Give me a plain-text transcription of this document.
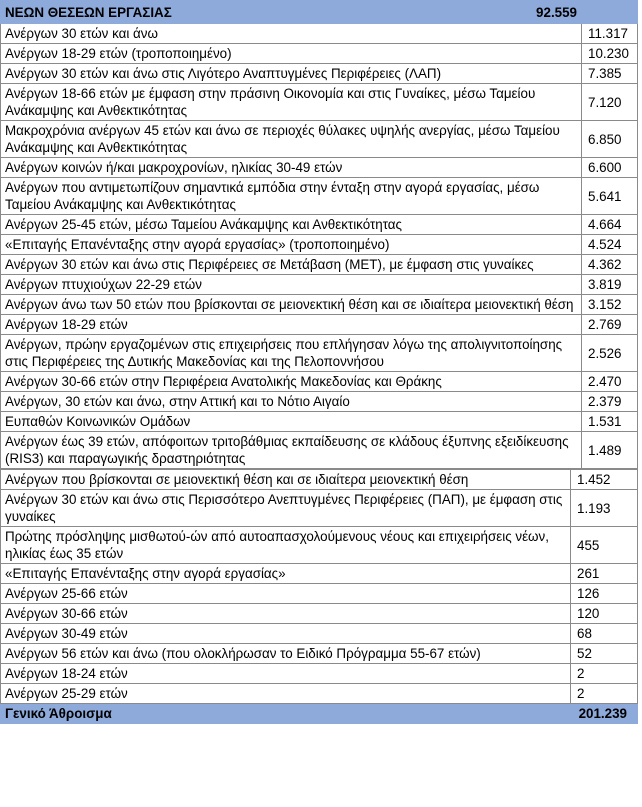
ΝΕΩΝ ΘΕΣΕΩΝ ΕΡΓΑΣΙΑΣ 92.559	

Ανέργων 30 ετών και άνω	11.317
Ανέργων 18-29 ετών (τροποποιημένο)	10.230
Ανέργων 30 ετών και άνω στις Λιγότερο Αναπτυγμένες Περιφέρειες (ΛΑΠ)	7.385
Ανέργων 18-66 ετών με έμφαση στην πράσινη Οικονομία και στις Γυναίκες, μέσω Ταμείου Ανάκαμψης και Ανθεκτικότητας	7.120
Μακροχρόνια ανέργων 45 ετών και άνω σε περιοχές θύλακες υψηλής ανεργίας, μέσω Ταμείου Ανάκαμψης και Ανθεκτικότητας	6.850
Ανέργων κοινών ή/και μακροχρονίων, ηλικίας 30-49 ετών	6.600
Ανέργων που αντιμετωπίζουν σημαντικά εμπόδια στην ένταξη στην αγορά εργασίας, μέσω Ταμείου Ανάκαμψης και Ανθεκτικότητας	5.641
Ανέργων 25-45 ετών, μέσω Ταμείου Ανάκαμψης και Ανθεκτικότητας	4.664
«Επιταγής Επανένταξης στην αγορά εργασίας» (τροποποιημένο)	4.524
Ανέργων 30 ετών και άνω στις Περιφέρειες σε Μετάβαση (ΜΕΤ), με έμφαση στις γυναίκες	4.362
Ανέργων πτυχιούχων 22-29 ετών	3.819
Ανέργων άνω των 50 ετών που βρίσκονται σε μειονεκτική θέση και σε ιδιαίτερα μειονεκτική θέση	3.152
Ανέργων 18-29 ετών	2.769
Ανέργων, πρώην εργαζομένων στις επιχειρήσεις που επλήγησαν λόγω της απολιγνιτοποίησης στις Περιφέρειες της Δυτικής Μακεδονίας και της Πελοποννήσου	2.526
Ανέργων 30-66 ετών στην Περιφέρεια Ανατολικής Μακεδονίας και Θράκης	2.470
Ανέργων, 30 ετών και άνω, στην Αττική και το Νότιο Αιγαίο	2.379
Ευπαθών Κοινωνικών Ομάδων	1.531
Ανέργων έως 39 ετών, απόφοιτων τριτοβάθμιας εκπαίδευσης σε κλάδους έξυπνης εξειδίκευσης (RIS3) και παραγωγικής δραστηριότητας	1.489
Ανέργων που βρίσκονται σε μειονεκτική θέση και σε ιδιαίτερα μειονεκτική θέση	1.452
Ανέργων 30 ετών και άνω στις Περισσότερο Ανεπτυγμένες Περιφέρειες (ΠΑΠ), με έμφαση στις γυναίκες	1.193
Πρώτης πρόσληψης μισθωτού-ών από αυτοαπασχολούμενους νέους και επιχειρήσεις νέων, ηλικίας έως 35 ετών	455
«Επιταγής Επανένταξης στην αγορά εργασίας»	261
Ανέργων 25-66 ετών	126
Ανέργων 30-66 ετών	120
Ανέργων 30-49 ετών	68
Ανέργων 56 ετών και άνω (που ολοκλήρωσαν το Ειδικό Πρόγραμμα 55-67 ετών)	52
Ανέργων 18-24 ετών	2
Ανέργων 25-29 ετών	2
Γενικό Άθροισμα	201.239
